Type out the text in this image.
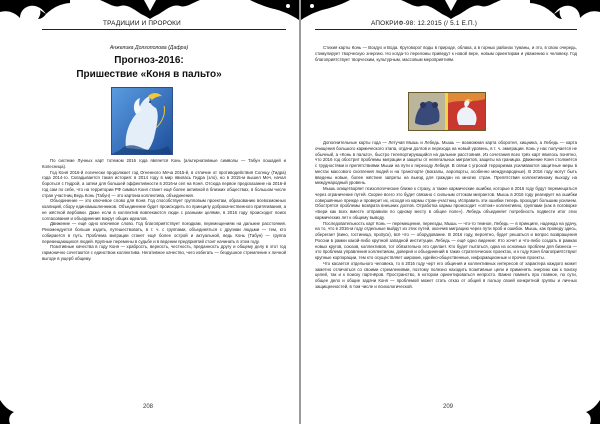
ТРАДИЦИИ И ПРОРОКИ
Анжелика Долгополова (Дафра)
Прогноз-2016:
Пришествие «Коня в пальто»

По системе Лунных карт тотемом 2016 года является Конь (альтернативные символы — Табун лошадей и Колесница).

Год Коня 2016-й логически продолжает год Огненного Меча 2015-й, в отличие от противодействия Солнцу (Гидрa) года 2014-го. Складывается такая история: в 2014 году в мир явилась Гидра (зло), но в 2015-м вышел Меч, начал бороться с Гидрой, а затем для большей эффективности в 2016-м сел на Коня. Отсюда первое предсказание на 2016-й год сам по себе, что на территории РФ символ Коня станет ещё более активной в близких обществах, в большом числе стран участниц Ведь Конь (Табун) — это картина коллектива, объединения.

Объединение — это ключевое слово для Коня. Год способствует групповым проектам, образованию всевозможных коалиций, сбору единомышленников. Объединение будет происходить по принципу доброкачественного притягивания, а не жёсткой вербовки. Даже если в коллектив вовлекаются люди с разными целями, в 2016 году происходит поиск согласования и объединения вокруг общих идеалов.

Движение — ещё одно ключевое слово. Год благоприятствует поездкам, перемещениям на дальние расстояния. Рекомендуется больше ездить, путешествовать, в т. ч. с группами, объединяться с другими людьми — тем, кто собирается в путь. Проблема миграции станет ещё более острой и актуальной, ведь Конь (Табун) — группа перемещающихся людей. Крупные перемены в судьбе и в ведении предприятий стоит начинать в этом году.

Позитивные качества в году Коня — храбрость, верность, честность, преданность другу и общему делу в этот год гармонично сочетаются с единством коллектива. Негативное качество, чего избегать — бездушное стремление к личной выгоде в ущерб общему.

208
АПОКРИФ-98: 12.2015 (/ 5.1 Е.П.)

Стихия карты Конь — Воздух и Вода. Круговорот воды в природе, облака, а в горных районах туманы, и это, в свою очередь, стимулирует творческую энергию. Но когда-то переломы приведут к новой вере, новым ориентирам и уважению к человеку. Год благоприятствует творческим, культурным, массовым мероприятиям.

Дополнительные карты года — Летучая Мышь и Лебедь. Мышь — возможная карта оборотня, хищника, а Лебедь — карта очищения большого кармического этапа, отдачи долгов и перехода на новый уровень, в т. ч. эмиграции. Конь у нас получается не обычный, а «Конь в пальто», быстро телепортирующийся на дальние расстояния. Из сочетания всех трёх карт явилось понятно, что 2016 год обострит проблемы миграции и защиты от нелегальных мигрантов, защиты на границах. Движение Коня столкнётся с трудностями и препятствиями Мыши на пути к переходу Лебедя. В связи с угрозой терроризма усиливаются защитные меры в местах массового скопления людей и на транспорте (вокзалы, аэропорты, особенно международные). В 2016 году могут быть введены новые, более жёсткие запреты на выезд для граждан из многих стран. Препятствия коллективному выходу на международный уровень.

Мышь олицетворяет психологические ближе к страху, а также кармические ошибки, которые в 2016 году будут перемещаться через ограничение путей. Скорее всего это будет связано с сильным оттоком мигрантов. Мышь в 2016 году реагирует на ошибки совершённые прежде и проверит их, исходя из кармы стран-участниц. Исправить эти ошибки теперь проходит большим усилием. Обострятся проблемы возврата внешних долгов. Отработка кармы происходит «оптом» коллективно, группами (как в поговорке «Бери как всех вместе отправили по одному месту в общее поле»). Лебедь объединяет потребность подвести итог этих кармических лет к общему выводу.

Последовательность карт Конь — перемещение, переезды, Мышь — что-то темное, Лебедь — в принципе, надежда на удачу, на то, что в 2016-м году отдельные выйдут из этих путей, окончив миграцию через пути проб и ошибок. Мышь, как проведу здесь, оберегает (вино, гостиница, пропуск), всё что — оборудование. В 2016 году, вероятно, будет решаться и вопрос возвращения России в рамки какой-либо крупной западной институции. Лебедь — ещё одно видение: Кто хочет и что-либо создать в рамках новых кругов, союзов, коллективов, тот обязательно это сделает. Кто будет пытаться, одна из основных проблем для бизнеса — это проблема управления коллективом, доверия и объединений в таких стратегических проектах, и к году Коня благоприятствуют крупные корпорации, тем кто осуществляет широкие, идейно-общественные, информационные и прочие проекты.

Что касается отдельного человека, то в 2016 году черт его общения и коллективных интересов от характера каждого может заметно отличаться со своими стремлениями, поэтому полезно находить позитивные цели и применять энергию как к поиску целей, так и к поиску партнёров. Пространство, в котором ориентироваться непросто. Важно помнить про главное, по сути, общее дело и общие задачи Коня — проблемой может стать отказ от общей в пользу своей конкретной группы и личных защищенностей, в том числе и психологической.

209
